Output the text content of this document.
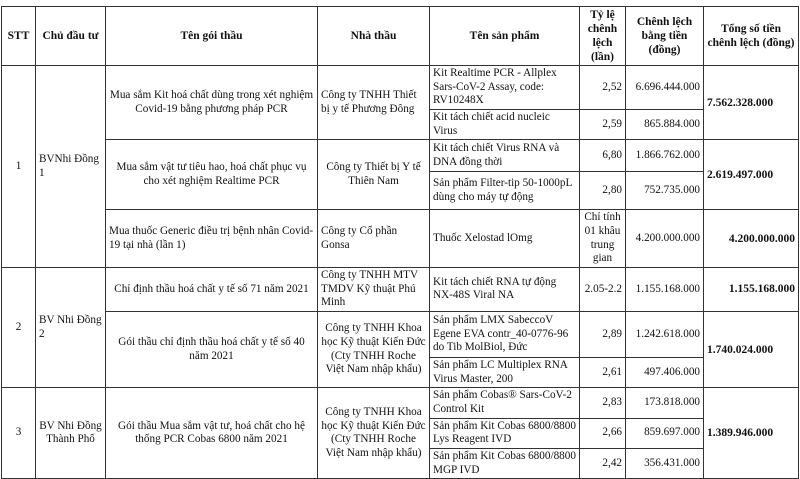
STT	Chủ đầu tư	Tên gói thầu	Nhà thầu	Tên sản phẩm	Tỷ lệ chênh lệch (lần)	Chênh lệch bằng tiền (đồng)	Tổng số tiền chênh lệch (đồng)
1	BVNhi Đồng 1	Mua sắm Kit hoá chất dùng trong xét nghiệm Covid-19 bằng phương pháp PCR	Công ty TNHH Thiết bị y tế Phương Đông	Kit Realtime PCR - Allplex Sars-CoV-2 Assay, code: RV10248X	2,52	6.696.444.000	7.562.328.000
				Kit tách chiết acid nucleic Virus	2,59	865.884.000	
		Mua sắm vật tư tiêu hao, hoá chất phục vụ cho xét nghiệm Realtime PCR	Công ty Thiết bị Y tế Thiên Nam	Kit tách chiết Virus RNA và DNA đồng thời	6,80	1.866.762.000	2.619.497.000
				Sản phẩm Filter-tip 50-1000pL dùng cho máy tự động	2,80	752.735.000	
		Mua thuốc Generic điều trị bệnh nhân Covid- 19 tại nhà (lần 1)	Công ty Cổ phần Gonsa	Thuốc Xelostad lOmg	Chỉ tính 01 khâu trung gian	4.200.000.000	4.200.000.000
2	BV Nhi Đồng 2	Chỉ định thầu hoá chất y tế số 71 năm 2021	Công ty TNHH MTV TMDV Kỹ thuật Phú Minh	Kit tách chiết RNA tự động NX-48S Viral NA	2.05-2.2	1.155.168.000	1.155.168.000
		Gói thầu chỉ định thầu hoá chất y tế số 40 năm 2021	Công ty TNHH Khoa học Kỹ thuật Kiến Đức (Cty TNHH Roche Việt Nam nhập khẩu)	Sản phẩm LMX SabeccoV Egene EVA contr_40-0776-96 do Tib MolBiol, Đức	2,89	1.242.618.000	1.740.024.000
				Sản phẩm LC Multiplex RNA Virus Master, 200	2,61	497.406.000	
3	BV Nhi Đồng Thành Phố	Gói thầu Mua sắm vật tư, hoá chất cho hệ thống PCR Cobas 6800 năm 2021	Công ty TNHH Khoa học Kỹ thuật Kiến Đức (Cty TNHH Roche Việt Nam nhập khẩu)	Sản phẩm Cobas® Sars-CoV-2 Control Kit	2,83	173.818.000	1.389.946.000
				Sản phẩm Kit Cobas 6800/8800 Lys Reagent IVD	2,66	859.697.000	
				Sản phẩm Kit Cobas 6800/8800 MGP IVD	2,42	356.431.000	
